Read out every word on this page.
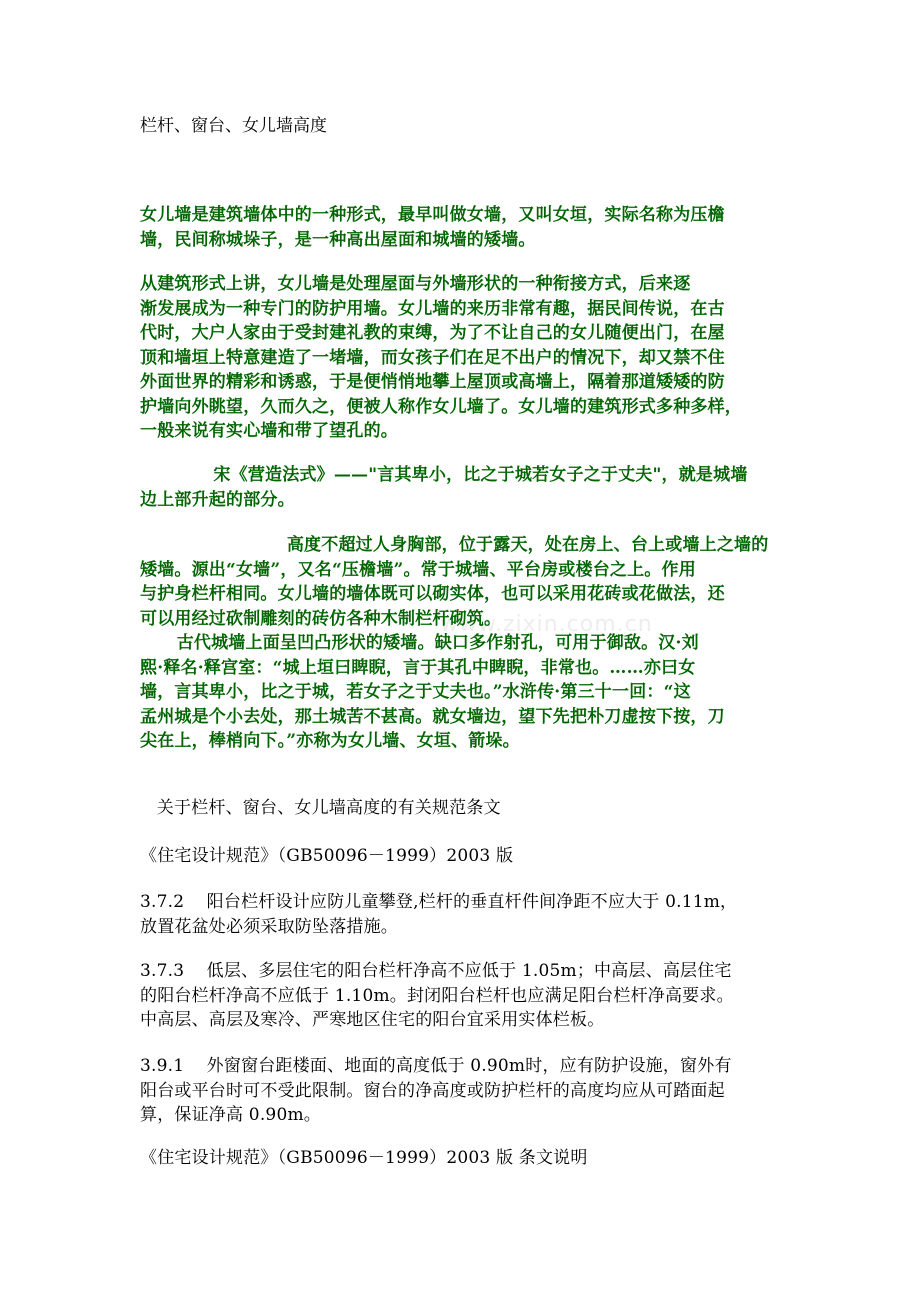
栏杆、窗台、女儿墙高度
www.zixin.com.cn
女儿墙是建筑墙体中的一种形式，最早叫做女墙，又叫女垣，实际名称为压檐
墙，民间称城垛子，是一种高出屋面和城墙的矮墙。
从建筑形式上讲，女儿墙是处理屋面与外墙形状的一种衔接方式，后来逐
渐发展成为一种专门的防护用墙。女儿墙的来历非常有趣，据民间传说，在古
代时，大户人家由于受封建礼教的束缚，为了不让自己的女儿随便出门，在屋
顶和墙垣上特意建造了一堵墙，而女孩子们在足不出户的情况下，却又禁不住
外面世界的精彩和诱惑，于是便悄悄地攀上屋顶或高墙上，隔着那道矮矮的防
护墙向外眺望，久而久之，便被人称作女儿墙了。女儿墙的建筑形式多种多样，
一般来说有实心墙和带了望孔的。
宋《营造法式》——"言其卑小，比之于城若女子之于丈夫"，就是城墙
边上部升起的部分。
高度不超过人身胸部，位于露天，处在房上、台上或墙上之墙的
矮墙。源出“女墙”，又名“压檐墙”。常于城墙、平台房或楼台之上。作用
与护身栏杆相同。女儿墙的墙体既可以砌实体，也可以采用花砖或花做法，还
可以用经过砍制雕刻的砖仿各种木制栏杆砌筑。
古代城墙上面呈凹凸形状的矮墙。缺口多作射孔，可用于御敌。汉·刘
熙·释名·释宫室：“城上垣曰睥睨，言于其孔中睥睨，非常也。……亦曰女
墙，言其卑小，比之于城，若女子之于丈夫也。”水浒传·第三十一回：“这
孟州城是个小去处，那土城苦不甚高。就女墙边，望下先把朴刀虚按下按，刀
尖在上，棒梢向下。”亦称为女儿墙、女垣、箭垛。
关于栏杆、窗台、女儿墙高度的有关规范条文
《住宅设计规范》（GB50096－1999）2003 版
3.7.2    阳台栏杆设计应防儿童攀登,栏杆的垂直杆件间净距不应大于 0.11m，
放置花盆处必须采取防坠落措施。
3.7.3    低层、多层住宅的阳台栏杆净高不应低于 1.05m；中高层、高层住宅
的阳台栏杆净高不应低于 1.10m。封闭阳台栏杆也应满足阳台栏杆净高要求。
中高层、高层及寒冷、严寒地区住宅的阳台宜采用实体栏板。
3.9.1    外窗窗台距楼面、地面的高度低于 0.90m时，应有防护设施，窗外有
阳台或平台时可不受此限制。窗台的净高度或防护栏杆的高度均应从可踏面起
算，保证净高 0.90m。
《住宅设计规范》（GB50096－1999）2003 版 条文说明
